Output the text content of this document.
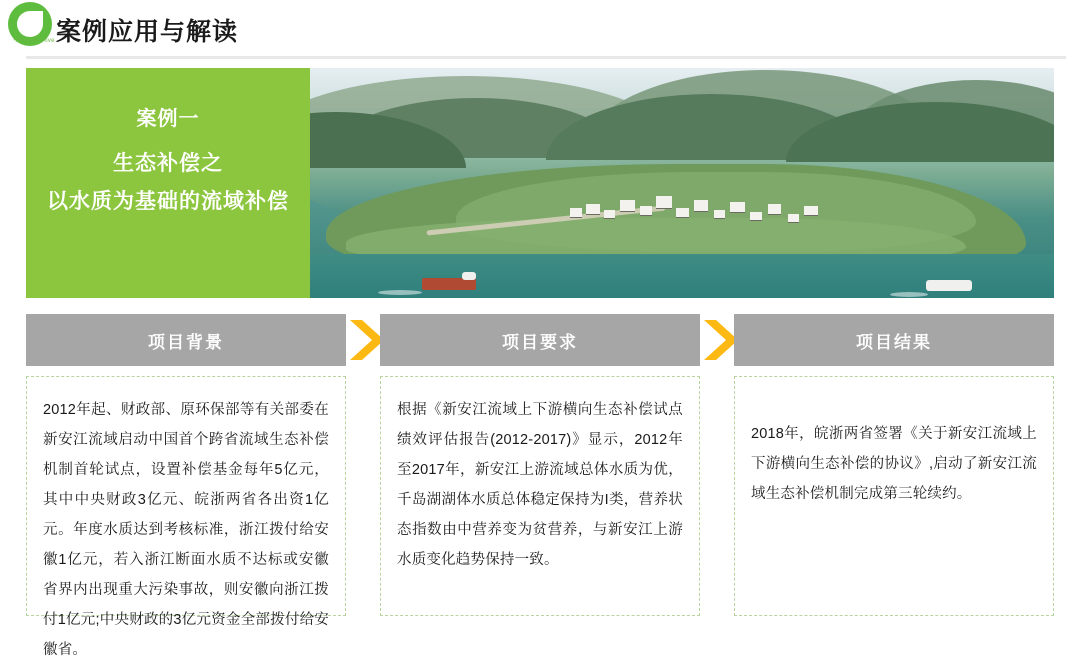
中国水网 f five 案例应用与解读
案例一
生态补偿之
以水质为基础的流域补偿
项目背景	项目要求	项目结果
2012年起、财政部、原环保部等有关部委在新安江流域启动中国首个跨省流域生态补偿机制首轮试点，设置补偿基金每年5亿元，其中中央财政3亿元、皖浙两省各出资1亿元。年度水质达到考核标准，浙江拨付给安徽1亿元，若入浙江断面水质不达标或安徽省界内出现重大污染事故，则安徽向浙江拨付1亿元;中央财政的3亿元资金全部拨付给安徽省。
根据《新安江流域上下游横向生态补偿试点绩效评估报告(2012-2017)》显示，2012年至2017年，新安江上游流域总体水质为优，千岛湖湖体水质总体稳定保持为I类，营养状态指数由中营养变为贫营养，与新安江上游水质变化趋势保持一致。
2018年，皖浙两省签署《关于新安江流域上下游横向生态补偿的协议》,启动了新安江流域生态补偿机制完成第三轮续约。
